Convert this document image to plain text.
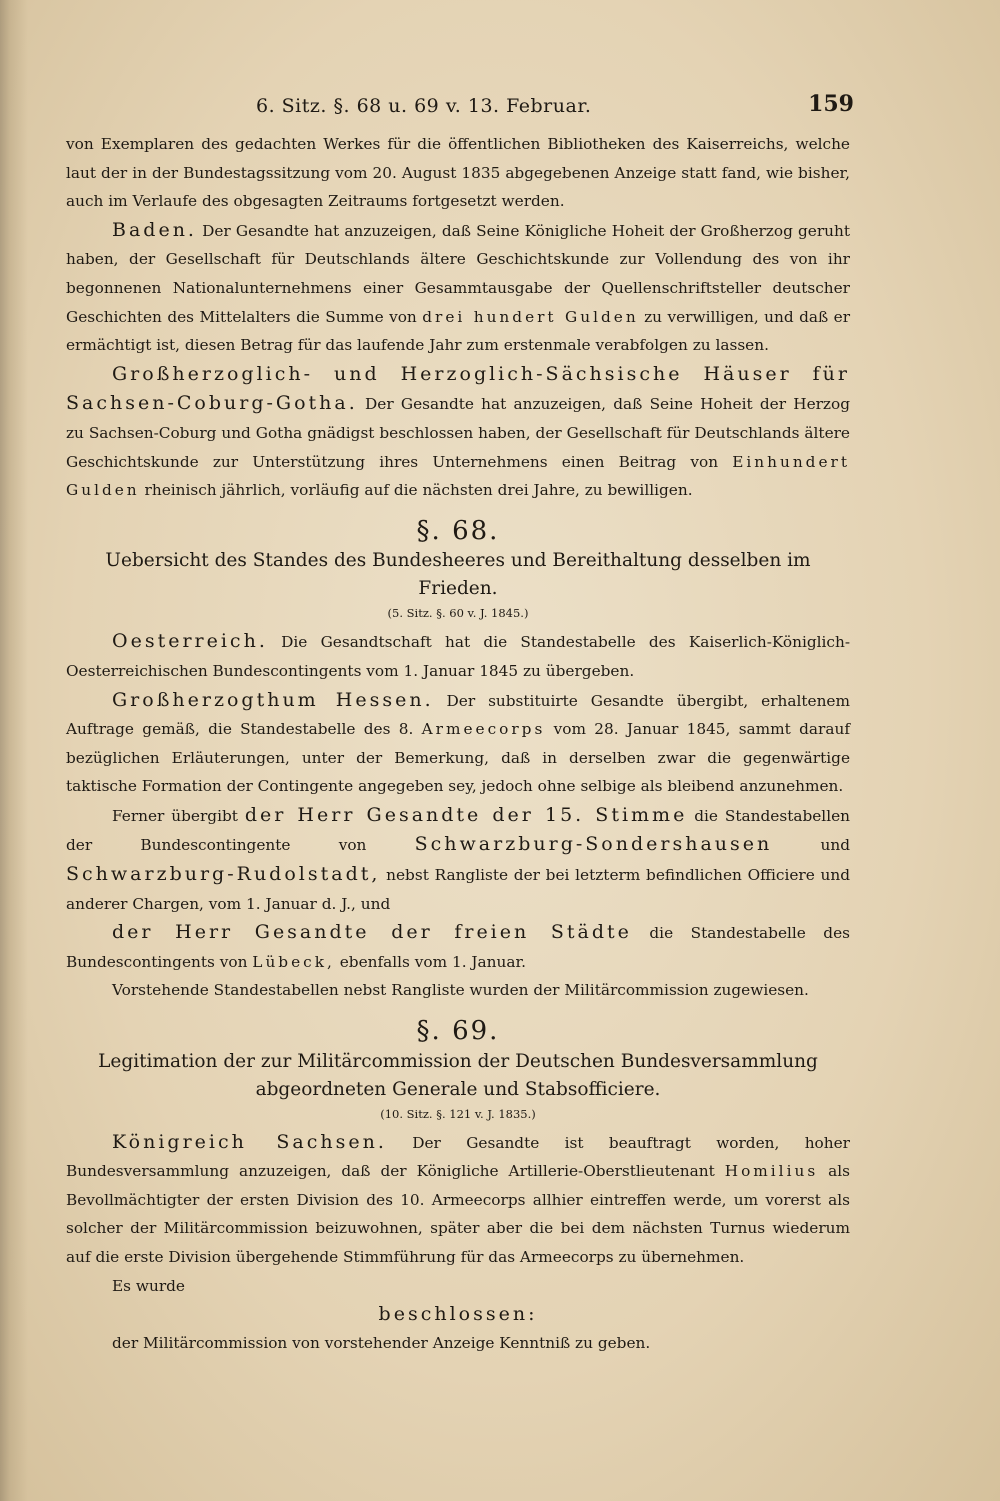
6. Sitz. §. 68 u. 69 v. 13. Februar.	159

von Exemplaren des gedachten Werkes für die öffentlichen Bibliotheken des Kaiserreichs, welche laut der in der Bundestagssitzung vom 20. August 1835 abgegebenen Anzeige statt fand, wie bisher, auch im Verlaufe des obgesagten Zeitraums fortgesetzt werden.

Baden. Der Gesandte hat anzuzeigen, daß Seine Königliche Hoheit der Großherzog geruht haben, der Gesellschaft für Deutschlands ältere Geschichtskunde zur Vollendung des von ihr begonnenen Nationalunternehmens einer Gesammtausgabe der Quellenschriftsteller deutscher Geschichten des Mittelalters die Summe von drei hundert Gulden zu verwilligen, und daß er ermächtigt ist, diesen Betrag für das laufende Jahr zum erstenmale verabfolgen zu lassen.

Großherzoglich- und Herzoglich-Sächsische Häuser für Sachsen-Coburg-Gotha. Der Gesandte hat anzuzeigen, daß Seine Hoheit der Herzog zu Sachsen-Coburg und Gotha gnädigst beschlossen haben, der Gesellschaft für Deutschlands ältere Geschichtskunde zur Unterstützung ihres Unternehmens einen Beitrag von Einhundert Gulden rheinisch jährlich, vorläufig auf die nächsten drei Jahre, zu bewilligen.

§. 68.
Uebersicht des Standes des Bundesheeres und Bereithaltung desselben im Frieden.
(5. Sitz. §. 60 v. J. 1845.)

Oesterreich. Die Gesandtschaft hat die Standestabelle des Kaiserlich-Königlich-Oesterreichischen Bundescontingents vom 1. Januar 1845 zu übergeben.

Großherzogthum Hessen. Der substituirte Gesandte übergibt, erhaltenem Auftrage gemäß, die Standestabelle des 8. Armeecorps vom 28. Januar 1845, sammt darauf bezüglichen Erläuterungen, unter der Bemerkung, daß in derselben zwar die gegenwärtige taktische Formation der Contingente angegeben sey, jedoch ohne selbige als bleibend anzunehmen.

Ferner übergibt der Herr Gesandte der 15. Stimme die Standestabellen der Bundescontingente von Schwarzburg-Sondershausen und Schwarzburg-Rudolstadt, nebst Rangliste der bei letzterm befindlichen Officiere und anderer Chargen, vom 1. Januar d. J., und

der Herr Gesandte der freien Städte die Standestabelle des Bundescontingents von Lübeck, ebenfalls vom 1. Januar.

Vorstehende Standestabellen nebst Rangliste wurden der Militärcommission zugewiesen.

§. 69.
Legitimation der zur Militärcommission der Deutschen Bundesversammlung abgeordneten Generale und Stabsofficiere.
(10. Sitz. §. 121 v. J. 1835.)

Königreich Sachsen. Der Gesandte ist beauftragt worden, hoher Bundesversammlung anzuzeigen, daß der Königliche Artillerie-Oberstlieutenant Homilius als Bevollmächtigter der ersten Division des 10. Armeecorps allhier eintreffen werde, um vorerst als solcher der Militärcommission beizuwohnen, später aber die bei dem nächsten Turnus wiederum auf die erste Division übergehende Stimmführung für das Armeecorps zu übernehmen.

Es wurde

beschlossen:

der Militärcommission von vorstehender Anzeige Kenntniß zu geben.
